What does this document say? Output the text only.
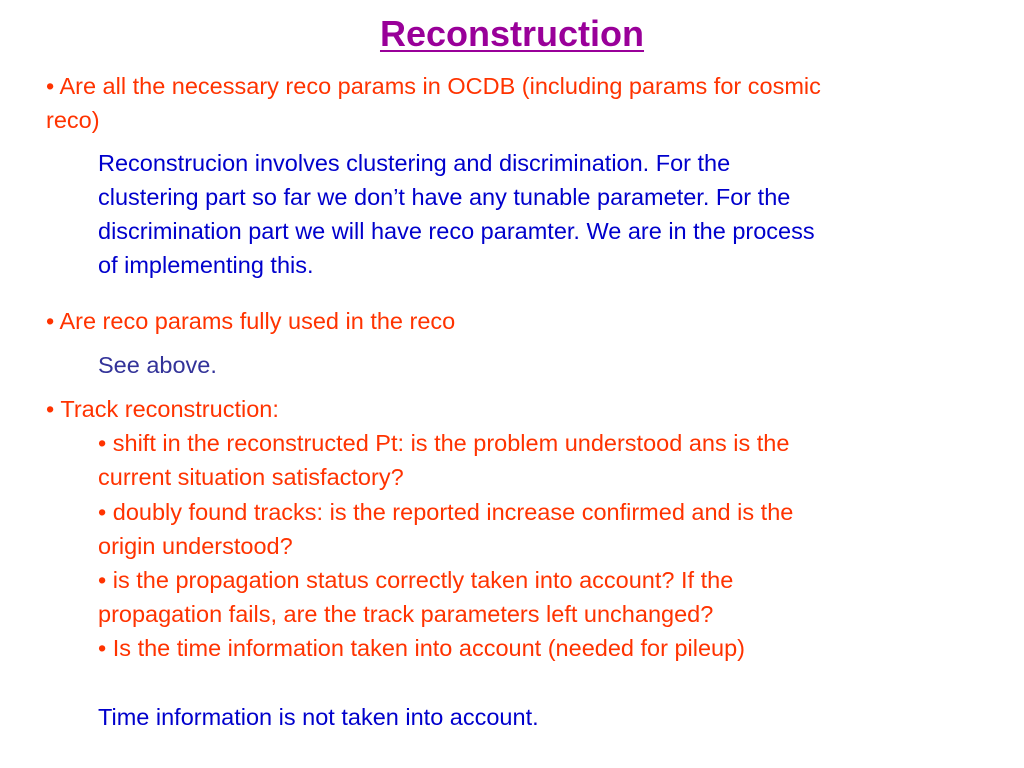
Reconstruction
• Are all the necessary reco params in OCDB (including params for cosmic
reco)
Reconstrucion involves clustering and discrimination. For the
clustering part so far we don’t have any tunable parameter. For the
discrimination part we will have reco paramter. We are in the process
of implementing this.
• Are reco params fully used in the reco
See above.
• Track reconstruction:
• shift in the reconstructed Pt: is the problem understood ans is the
current situation satisfactory?
• doubly found tracks: is the reported increase confirmed and is the
origin understood?
• is the propagation status correctly taken into account? If the
propagation fails, are the track parameters left unchanged?
• Is the time information taken into account (needed for pileup)
Time information is not taken into account.
